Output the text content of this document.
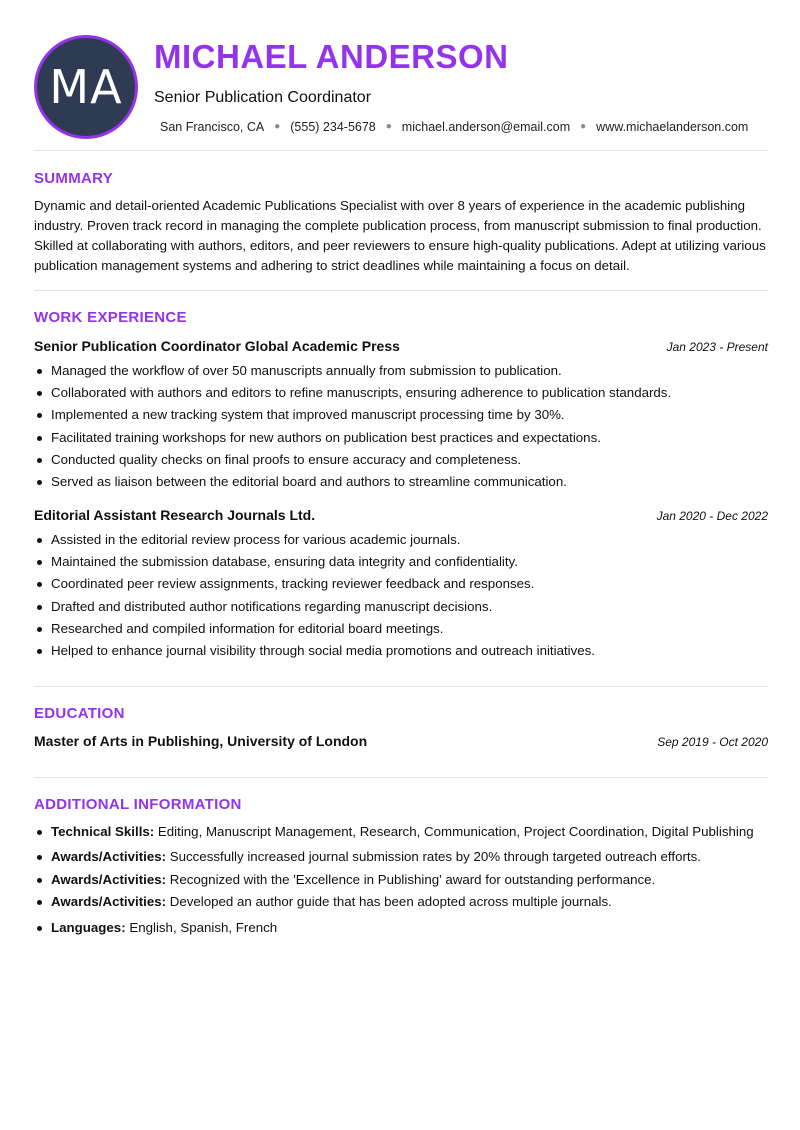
MA
MICHAEL ANDERSON
Senior Publication Coordinator
San Francisco, CA ● (555) 234-5678 ● michael.anderson@email.com ● www.michaelanderson.com
SUMMARY
Dynamic and detail-oriented Academic Publications Specialist with over 8 years of experience in the academic publishing industry. Proven track record in managing the complete publication process, from manuscript submission to final production. Skilled at collaborating with authors, editors, and peer reviewers to ensure high-quality publications. Adept at utilizing various publication management systems and adhering to strict deadlines while maintaining a focus on detail.
WORK EXPERIENCE
Senior Publication Coordinator Global Academic Press	Jan 2023 - Present
Managed the workflow of over 50 manuscripts annually from submission to publication.
Collaborated with authors and editors to refine manuscripts, ensuring adherence to publication standards.
Implemented a new tracking system that improved manuscript processing time by 30%.
Facilitated training workshops for new authors on publication best practices and expectations.
Conducted quality checks on final proofs to ensure accuracy and completeness.
Served as liaison between the editorial board and authors to streamline communication.
Editorial Assistant Research Journals Ltd.	Jan 2020 - Dec 2022
Assisted in the editorial review process for various academic journals.
Maintained the submission database, ensuring data integrity and confidentiality.
Coordinated peer review assignments, tracking reviewer feedback and responses.
Drafted and distributed author notifications regarding manuscript decisions.
Researched and compiled information for editorial board meetings.
Helped to enhance journal visibility through social media promotions and outreach initiatives.
EDUCATION
Master of Arts in Publishing, University of London	Sep 2019 - Oct 2020
ADDITIONAL INFORMATION
Technical Skills: Editing, Manuscript Management, Research, Communication, Project Coordination, Digital Publishing
Awards/Activities: Successfully increased journal submission rates by 20% through targeted outreach efforts.
Awards/Activities: Recognized with the 'Excellence in Publishing' award for outstanding performance.
Awards/Activities: Developed an author guide that has been adopted across multiple journals.
Languages: English, Spanish, French
